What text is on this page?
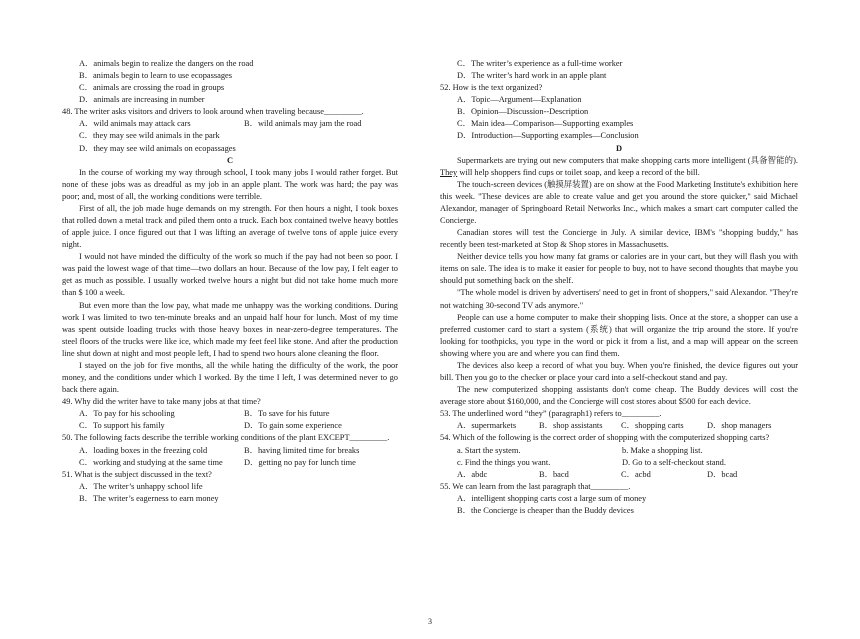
A．animals begin to realize the dangers on the road
B．animals begin to learn to use ecopassages
C．animals are crossing the road in groups
D．animals are increasing in number
48. The writer asks visitors and drivers to look around when traveling because_________.
A．wild animals may attack cars	B．wild animals may jam the road
C．they may see wild animals in the park
D．they may see wild animals on ecopassages
C
In the course of working my way through school, I took many jobs I would rather forget. But none of these jobs was as dreadful as my job in an apple plant. The work was hard; the pay was poor; and, most of all, the working conditions were terrible.
First of all, the job made huge demands on my strength. For then hours a night, I took boxes that rolled down a metal track and piled them onto a truck. Each box contained twelve heavy bottles of apple juice. I once figured out that I was lifting an average of twelve tons of apple juice every night.
I would not have minded the difficulty of the work so much if the pay had not been so poor. I was paid the lowest wage of that time—two dollars an hour. Because of the low pay, I felt eager to get as much as possible. I usually worked twelve hours a night but did not take home much more than $ 100 a week.
But even more than the low pay, what made me unhappy was the working conditions. During work I was limited to two ten-minute breaks and an unpaid half hour for lunch. Most of my time was spent outside loading trucks with those heavy boxes in near-zero-degree temperatures. The steel floors of the trucks were like ice, which made my feet feel like stone. And after the production line shut down at night and most people left, I had to spend two hours alone cleaning the floor.
I stayed on the job for five months, all the while hating the difficulty of the work, the poor money, and the conditions under which I worked. By the time I left, I was determined never to go back there again.
49. Why did the writer have to take many jobs at that time?
A．To pay for his schooling	B．To save for his future
C．To support his family	D．To gain some experience
50. The following facts describe the terrible working conditions of the plant EXCEPT_________.
A．loading boxes in the freezing cold	B．having limited time for breaks
C．working and studying at the same time	D．getting no pay for lunch time
51. What is the subject discussed in the text?
A．The writer’s unhappy school life
B．The writer’s eagerness to earn money
C．The writer’s experience as a full-time worker
D．The writer’s hard work in an apple plant
52. How is the text organized?
A．Topic—Argument—Explanation
B．Opinion—Discussion--Description
C．Main idea—Comparison—Supporting examples
D．Introduction—Supporting examples—Conclusion
D
Supermarkets are trying out new computers that make shopping carts more intelligent (具备智能的). They will help shoppers find cups or toilet soap, and keep a record of the bill.
The touch-screen devices (触摸屏装置) are on show at the Food Marketing Institute's exhibition here this week. "These devices are able to create value and get you around the store quicker," said Michael Alexandor, manager of Springboard Retail Networks Inc., which makes a smart cart computer called the Concierge.
Canadian stores will test the Concierge in July. A similar device, IBM's "shopping buddy," has recently been test-marketed at Stop & Shop stores in Massachusetts.
Neither device tells you how many fat grams or calories are in your cart, but they will flash you with items on sale. The idea is to make it easier for people to buy, not to have second thoughts that maybe you should put something back on the shelf.
"The whole model is driven by advertisers' need to get in front of shoppers," said Alexandor. "They're not watching 30-second TV ads anymore."
People can use a home computer to make their shopping lists. Once at the store, a shopper can use a preferred customer card to start a system (系统) that will organize the trip around the store. If you're looking for toothpicks, you type in the word or pick it from a list, and a map will appear on the screen showing where you are and where you can find them.
The devices also keep a record of what you buy. When you're finished, the device figures out your bill. Then you go to the checker or place your card into a self-checkout stand and pay.
The new computerized shopping assistants don't come cheap. The Buddy devices will cost the average store about $160,000, and the Concierge will cost stores about $500 for each device.
53. The underlined word “they” (paragraph1) refers to_________.
A．supermarkets	B．shop assistants	C．shopping carts	D．shop managers
54. Which of the following is the correct order of shopping with the computerized shopping carts?
a. Start the system.	b. Make a shopping list.
c. Find the things you want.	D. Go to a self-checkout stand.
A．abdc	B．bacd	C．acbd	D．bcad
55. We can learn from the last paragraph that_________.
A．intelligent shopping carts cost a large sum of money
B．the Concierge is cheaper than the Buddy devices
3
